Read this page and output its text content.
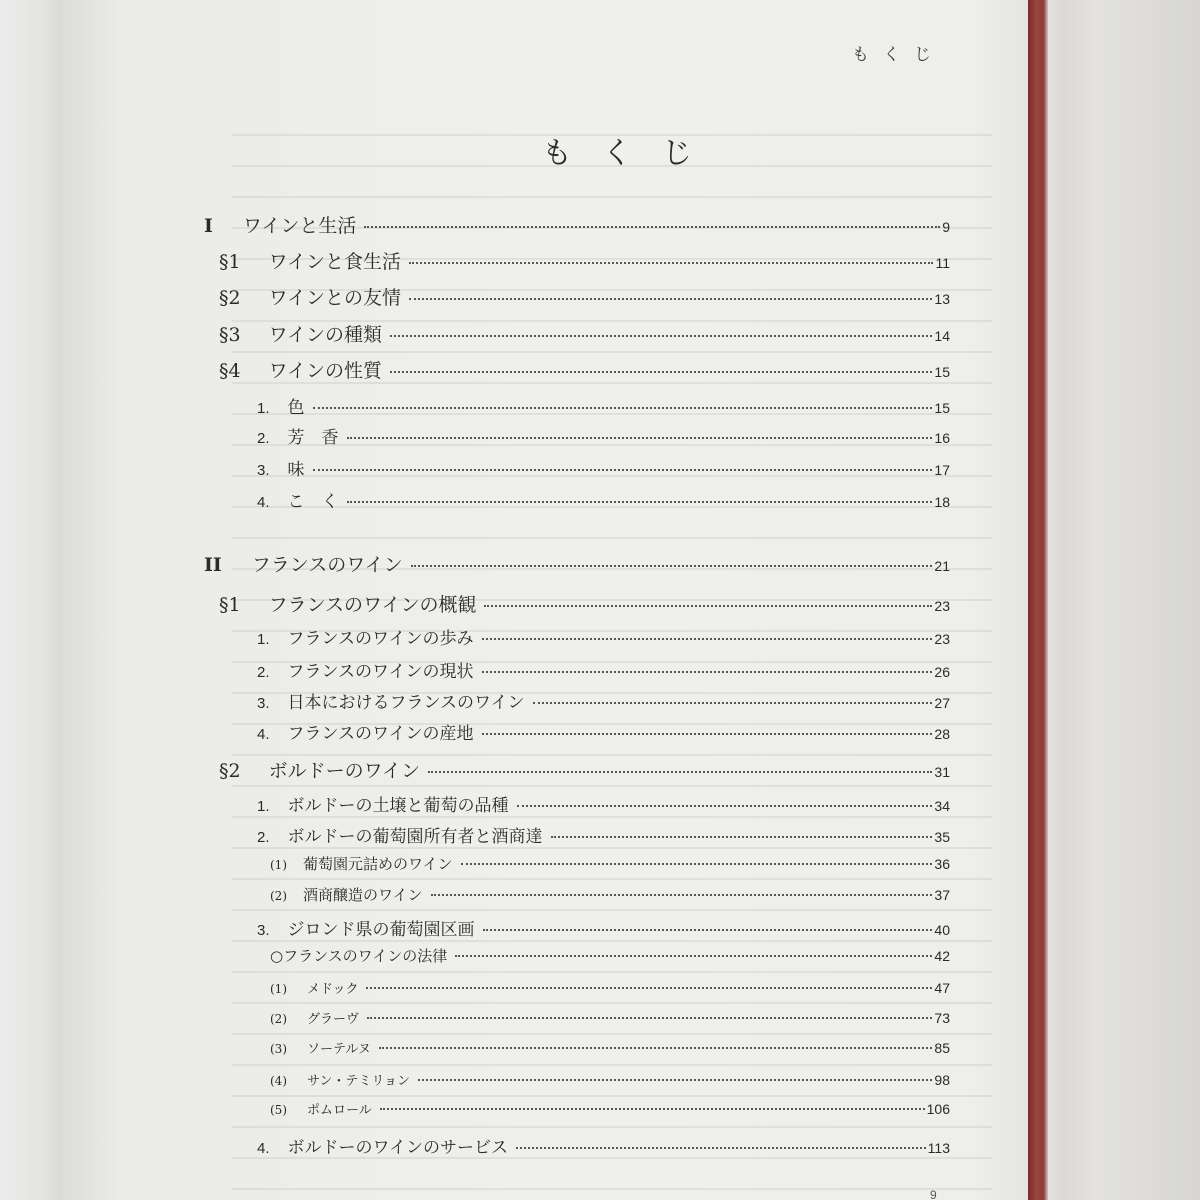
もくじ
もくじ
I ワインと生活	9
§1 ワインと食生活	11
§2 ワインとの友情	13
§3 ワインの種類	14
§4 ワインの性質	15
1. 色	15
2. 芳　香	16
3. 味	17
4. こ　く	18
II フランスのワイン	21
§1 フランスのワインの概観	23
1. フランスのワインの歩み	23
2. フランスのワインの現状	26
3. 日本におけるフランスのワイン	27
4. フランスのワインの産地	28
§2 ボルドーのワイン	31
1. ボルドーの土壌と葡萄の品種	34
2. ボルドーの葡萄園所有者と酒商達	35
(1) 葡萄園元詰めのワイン	36
(2) 酒商醸造のワイン	37
3. ジロンド県の葡萄園区画	40
○フランスのワインの法律	42
(1) メドック	47
(2) グラーヴ	73
(3) ソーテルヌ	85
(4) サン・テミリョン	98
(5) ポムロール	106
4. ボルドーのワインのサービス	113
9
